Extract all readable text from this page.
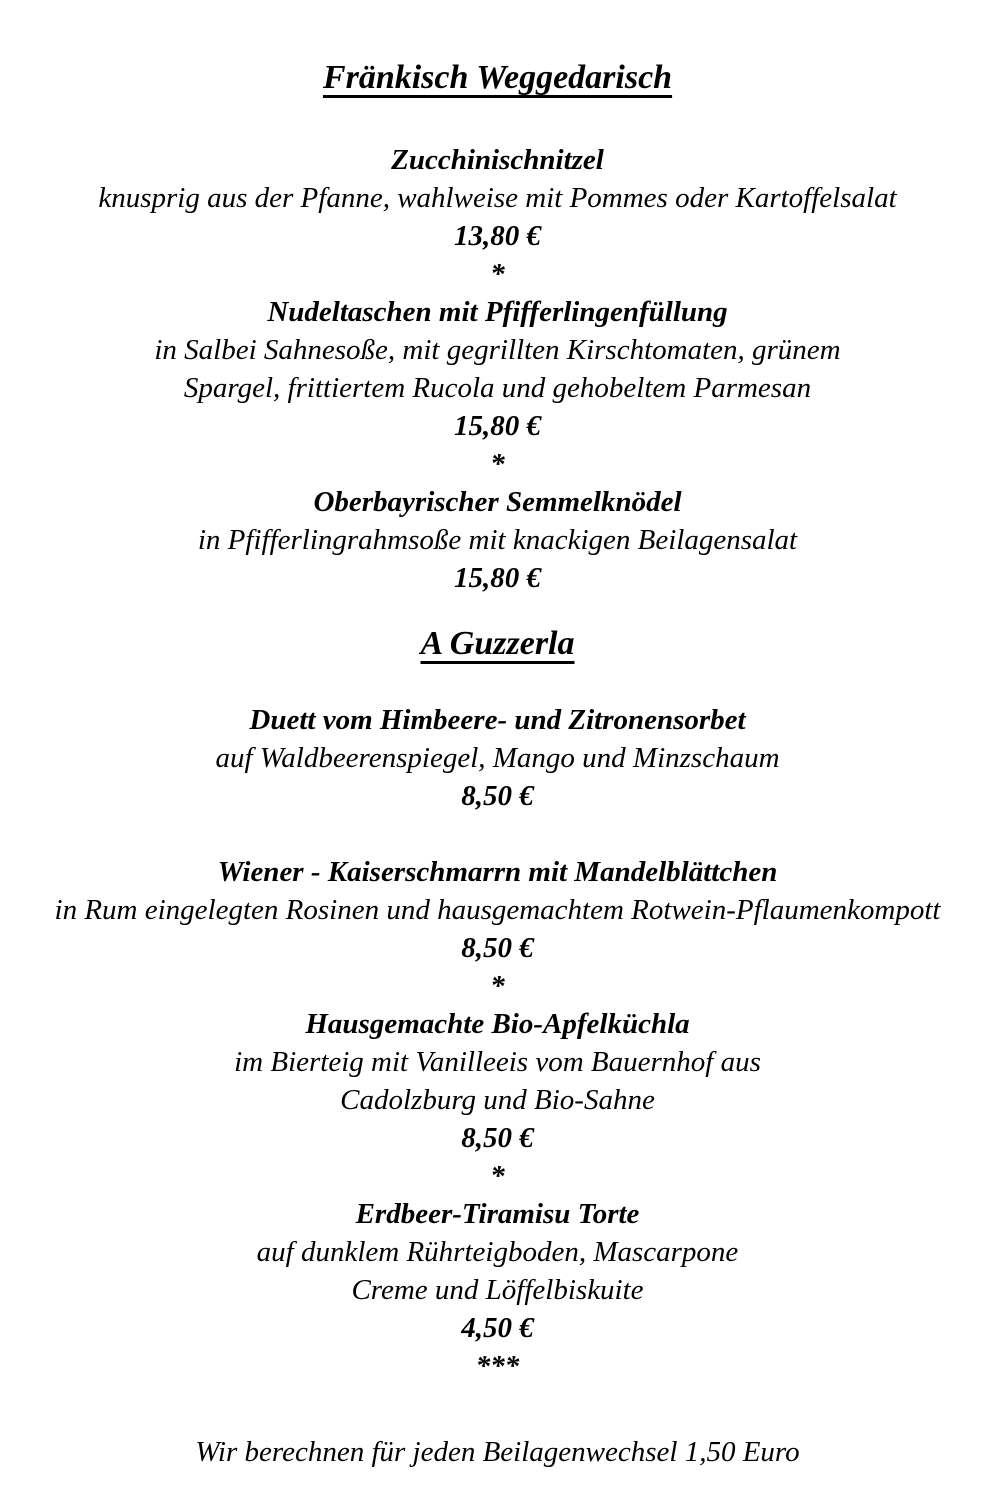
Fränkisch Weggedarisch
Zucchinischnitzel
knusprig aus der Pfanne, wahlweise mit Pommes oder Kartoffelsalat
13,80 €
*
Nudeltaschen mit Pfifferlingenfüllung
in Salbei Sahnesoße, mit gegrillten Kirschtomaten, grünem
Spargel, frittiertem Rucola und gehobeltem Parmesan
15,80 €
*
Oberbayrischer Semmelknödel
in Pfifferlingrahmsoße mit knackigen Beilagensalat
15,80 €
A Guzzerla
Duett vom Himbeere- und Zitronensorbet
auf Waldbeerenspiegel, Mango und Minzschaum
8,50 €
Wiener - Kaiserschmarrn mit Mandelblättchen
in Rum eingelegten Rosinen und hausgemachtem Rotwein-Pflaumenkompott
8,50 €
*
Hausgemachte Bio-Apfelküchla
im Bierteig mit Vanilleeis vom Bauernhof aus
Cadolzburg und Bio-Sahne
8,50 €
*
Erdbeer-Tiramisu Torte
auf dunklem Rührteigboden, Mascarpone
Creme und Löffelbiskuite
4,50 €
***
Wir berechnen für jeden Beilagenwechsel 1,50 Euro
